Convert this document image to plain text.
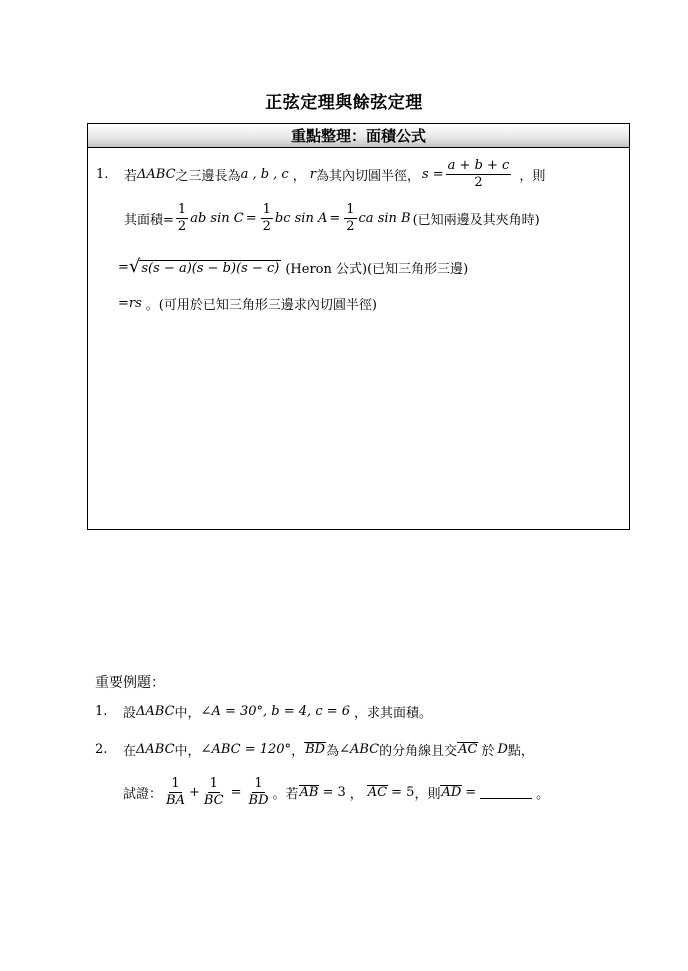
正弦定理與餘弦定理
重點整理：面積公式
1.	若 ΔABC 之三邊長為 a , b , c ， r 為其內切圓半徑， $s = \frac{a + b + c}{2}$ ，則
其面積= $\frac{1}{2}$ ab $\sin C = \frac{1}{2}$ bc $\sin A = \frac{1}{2}$ ca sin B (已知兩邊及其夾角時)
= √ s(s − a)(s − b)(s − c) (Heron 公式)(已知三角形三邊)
= rs 。(可用於已知三角形三邊求內切圓半徑)
重要例題：
1.	設 ΔABC 中， ∠A = 30°, b = 4, c = 6 ，求其面積。
2.	在 ΔABC 中， ∠ABC = 120° ， BD 為 ∠ABC 的分角線且交 AC 於 D 點，
試證： $\frac{1}{BA} + \frac{1}{BC} = \frac{1}{BD}$ 。若 AB = 3 ， AC = 5 ，則 AD =	。
